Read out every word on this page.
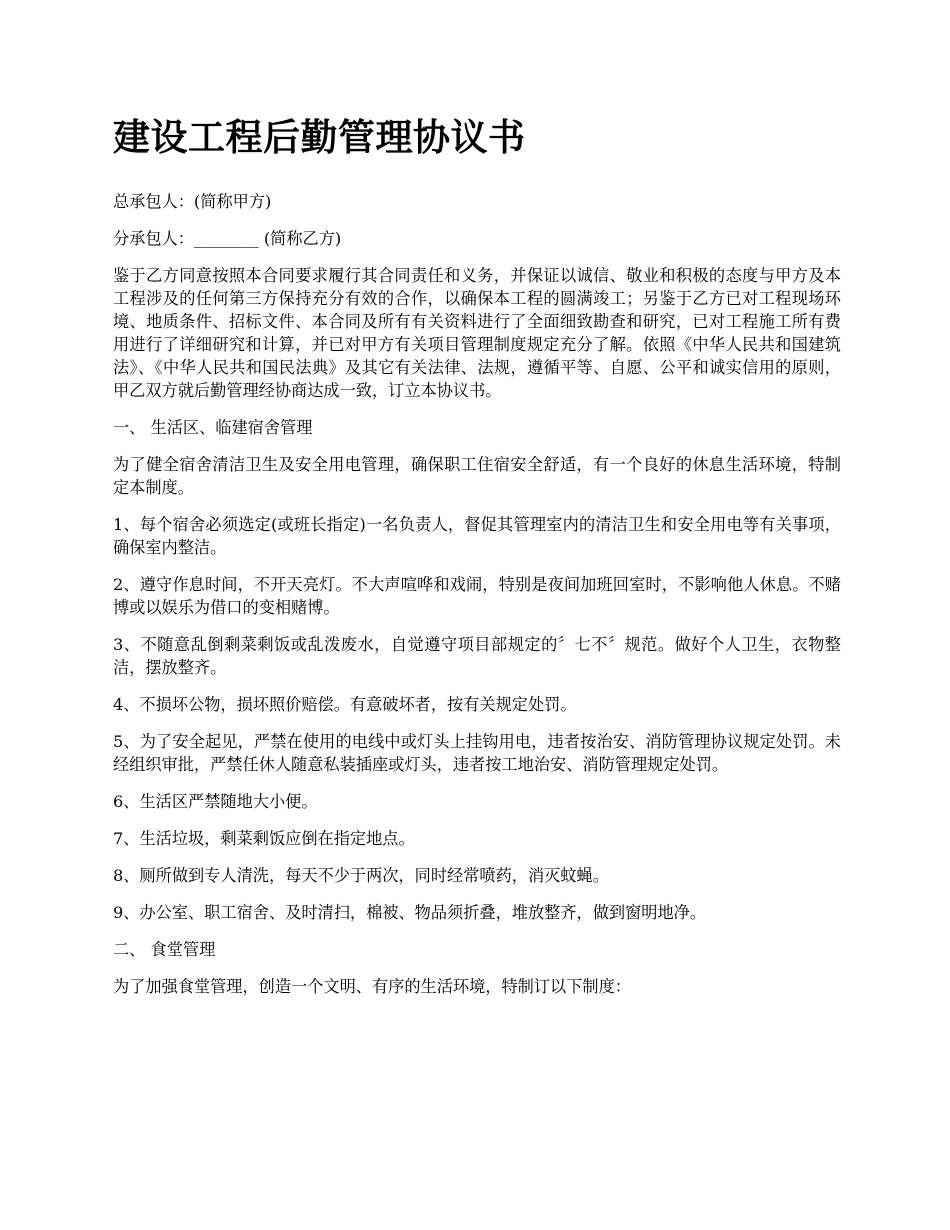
建设工程后勤管理协议书

总承包人：(简称甲方)

分承包人：________ (简称乙方)

鉴于乙方同意按照本合同要求履行其合同责任和义务，并保证以诚信、敬业和积极的态度与甲方及本工程涉及的任何第三方保持充分有效的合作，以确保本工程的圆满竣工；另鉴于乙方已对工程现场环境、地质条件、招标文件、本合同及所有有关资料进行了全面细致勘查和研究，已对工程施工所有费用进行了详细研究和计算，并已对甲方有关项目管理制度规定充分了解。依照《中华人民共和国建筑法》、《中华人民共和国民法典》及其它有关法律、法规，遵循平等、自愿、公平和诚实信用的原则，甲乙双方就后勤管理经协商达成一致，订立本协议书。

一、 生活区、临建宿舍管理

为了健全宿舍清洁卫生及安全用电管理，确保职工住宿安全舒适，有一个良好的休息生活环境，特制定本制度。

1、每个宿舍必须选定(或班长指定)一名负责人，督促其管理室内的清洁卫生和安全用电等有关事项，确保室内整洁。

2、遵守作息时间，不开天亮灯。不大声喧哗和戏闹，特别是夜间加班回室时，不影响他人休息。不赌博或以娱乐为借口的变相赌博。

3、不随意乱倒剩菜剩饭或乱泼废水，自觉遵守项目部规定的〞七不〞规范。做好个人卫生，衣物整洁，摆放整齐。

4、不损坏公物，损坏照价赔偿。有意破坏者，按有关规定处罚。

5、为了安全起见，严禁在使用的电线中或灯头上挂钩用电，违者按治安、消防管理协议规定处罚。未经组织审批，严禁任休人随意私装插座或灯头，违者按工地治安、消防管理规定处罚。

6、生活区严禁随地大小便。

7、生活垃圾，剩菜剩饭应倒在指定地点。

8、厕所做到专人清洗，每天不少于两次，同时经常喷药，消灭蚊蝇。

9、办公室、职工宿舍、及时清扫，棉被、物品须折叠，堆放整齐，做到窗明地净。

二、 食堂管理

为了加强食堂管理，创造一个文明、有序的生活环境，特制订以下制度：
